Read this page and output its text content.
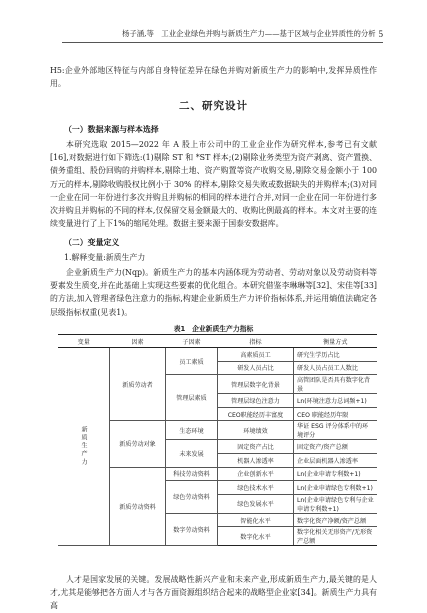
杨子涵,等　工业企业绿色并购与新质生产力——基于区域与企业异质性的分析 5

H5:企业外部地区特征与内部自身特征差异在绿色并购对新质生产力的影响中,发挥异质性作用。

二、研究设计

（一）数据来源与样本选择

本研究选取 2015—2022 年 A 股上市公司中的工业企业作为研究样本,参考已有文献[16],对数据进行如下筛选:(1)剔除 ST 和 *ST 样本;(2)剔除业务类型为资产剥离、资产置换、债务重组、股份回购的并购样本,剔除土地、资产购置等资产收购交易,剔除交易金额小于 100 万元的样本,剔除收购股权比例小于 30% 的样本,剔除交易失败或数据缺失的并购样本;(3)对同一企业在同一年份进行多次并购且并购标的相同的样本进行合并,对同一企业在同一年份进行多次并购且并购标的不同的样本,仅保留交易金额最大的、收购比例最高的样本。本文对主要的连续变量进行了上下1%的缩尾处理。数据主要来源于国泰安数据库。

（二）变量定义

1.解释变量:新质生产力

企业新质生产力(Nqp)。新质生产力的基本内涵体现为劳动者、劳动对象以及劳动资料等要素发生质变,并在此基础上实现这些要素的优化组合。本研究借鉴李琳琳等[32]、宋佳等[33]的方法,加入管理者绿色注意力的指标,构建企业新质生产力评价指标体系,并运用熵值法确定各层级指标权重(见表1)。

表1　企业新质生产力指标
变量	因素	子因素	指标	衡量方式
新质生产力	新质劳动者	员工素质	高素质员工	研究生学历占比
			研发人员占比	研发人员占员工人数比
		管理层素质	管理层数字化背景	高管团队是否具有数字化背景
			管理层绿色注意力	Ln(环境注意力总词频+1)
			CEO职能经历丰富度	CEO 职能经历年限
	新质劳动对象	生态环境	环境绩效	华证 ESG 评分体系中的环境评分
		未来发展	固定资产占比	固定资产/资产总额
			机器人渗透率	企业层面机器人渗透率
	新质劳动资料	科技劳动资料	企业创新水平	Ln(企业申请专利数+1)
		绿色劳动资料	绿色技术水平	Ln(企业申请绿色专利数+1)
			绿色发展水平	Ln(企业申请绿色专利与企业申请专利数+1)
		数字劳动资料	智能化水平	数字化资产净额/资产总额
			数字化水平	数字化相关无形资产/无形资产总额

人才是国家发展的关键。发展战略性新兴产业和未来产业,形成新质生产力,最关键的是人才,尤其是能够把各方面人才与各方面资源组织结合起来的战略型企业家[34]。新质生产力具有高
